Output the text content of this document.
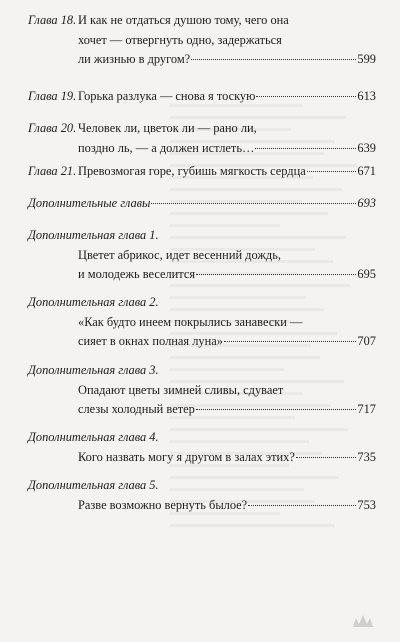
Глава 18. И как не отдаться душою тому, чего она
хочет — отвергнуть одно, задержаться
ли жизнью в другом?	599
Глава 19. Горька разлука — снова я тоскую	613
Глава 20. Человек ли, цветок ли — рано ли,
поздно ль, — а должен истлеть…	639
Глава 21. Превозмогая горе, губишь мягкость сердца	671
Дополнительные главы	693
Дополнительная глава 1.
Цветет абрикос, идет весенний дождь,
и молодежь веселится	695
Дополнительная глава 2.
«Как будто инеем покрылись занавески —
сияет в окнах полная луна»	707
Дополнительная глава 3.
Опадают цветы зимней сливы, сдувает
слезы холодный ветер	717
Дополнительная глава 4.
Кого назвать могу я другом в залах этих?	735
Дополнительная глава 5.
Разве возможно вернуть былое?	753
